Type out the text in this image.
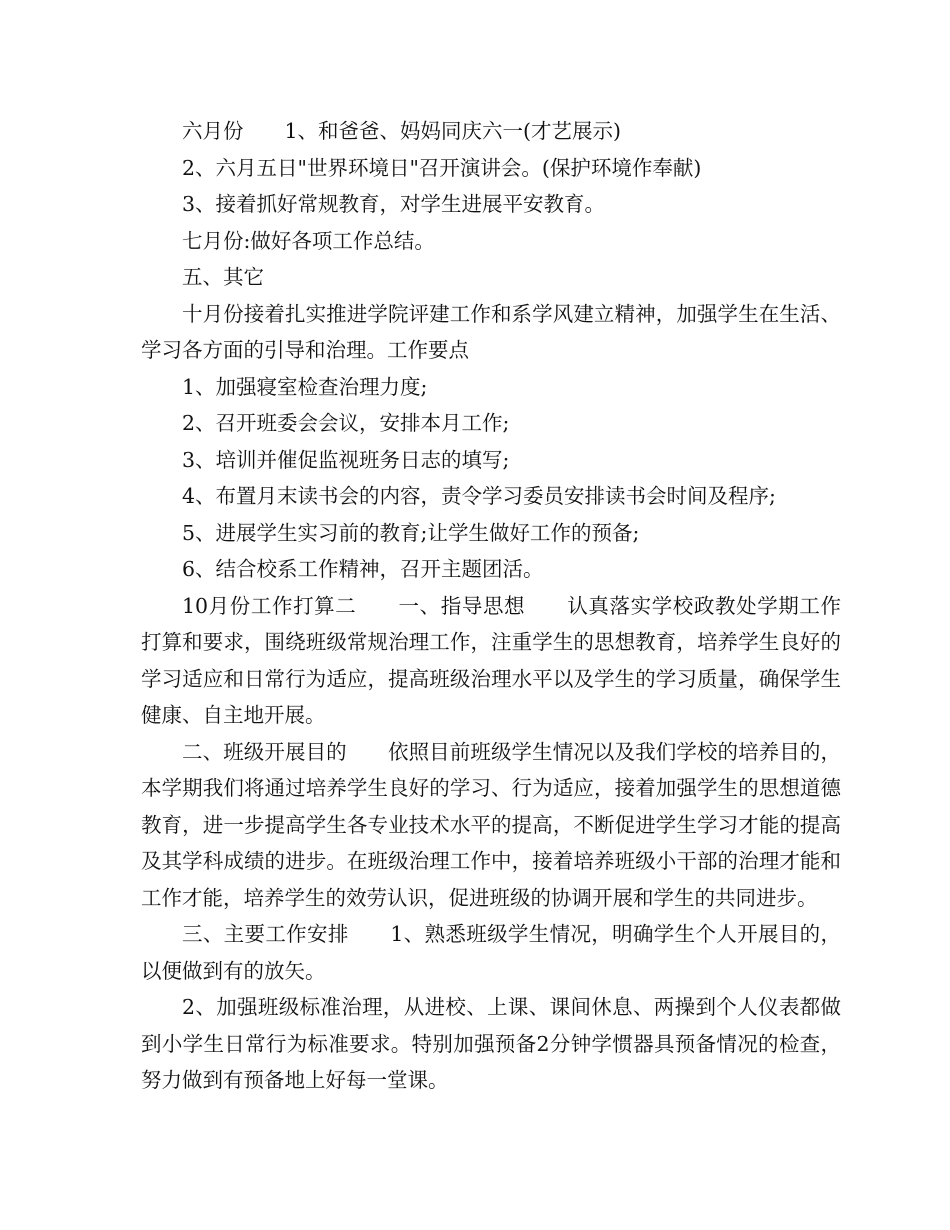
六月份　　1、和爸爸、妈妈同庆六一(才艺展示)

2、六月五日"世界环境日"召开演讲会。(保护环境作奉献)

3、接着抓好常规教育，对学生进展平安教育。

七月份:做好各项工作总结。

五、其它

十月份接着扎实推进学院评建工作和系学风建立精神，加强学生在生活、学习各方面的引导和治理。工作要点

1、加强寝室检查治理力度;

2、召开班委会会议，安排本月工作;

3、培训并催促监视班务日志的填写;

4、布置月末读书会的内容，责令学习委员安排读书会时间及程序;

5、进展学生实习前的教育;让学生做好工作的预备;

6、结合校系工作精神，召开主题团活。

10月份工作打算二　　一、指导思想　　认真落实学校政教处学期工作打算和要求，围绕班级常规治理工作，注重学生的思想教育，培养学生良好的学习适应和日常行为适应，提高班级治理水平以及学生的学习质量，确保学生健康、自主地开展。

二、班级开展目的　　依照目前班级学生情况以及我们学校的培养目的，本学期我们将通过培养学生良好的学习、行为适应，接着加强学生的思想道德教育，进一步提高学生各专业技术水平的提高，不断促进学生学习才能的提高及其学科成绩的进步。在班级治理工作中，接着培养班级小干部的治理才能和工作才能，培养学生的效劳认识，促进班级的协调开展和学生的共同进步。

三、主要工作安排　　1、熟悉班级学生情况，明确学生个人开展目的，以便做到有的放矢。

2、加强班级标准治理，从进校、上课、课间休息、两操到个人仪表都做到小学生日常行为标准要求。特别加强预备2分钟学惯器具预备情况的检查，努力做到有预备地上好每一堂课。
